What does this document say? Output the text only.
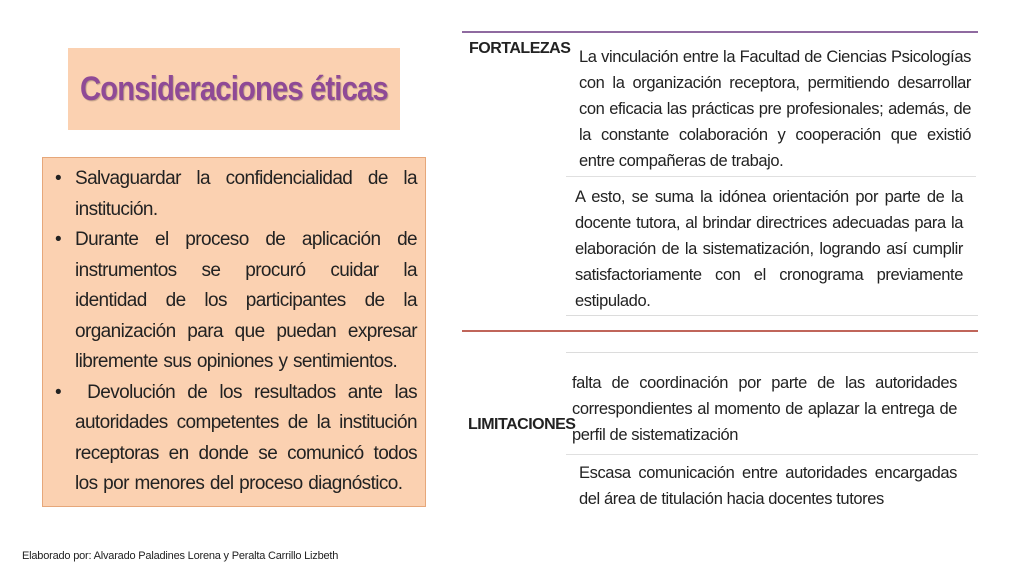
Consideraciones éticas
• Salvaguardar la confidencialidad de la institución.
• Durante el proceso de aplicación de instrumentos se procuró cuidar la identidad de los participantes de la organización para que puedan expresar libremente sus opiniones y sentimientos.
•  Devolución de los resultados ante las autoridades competentes de la institución receptoras en donde se comunicó todos los por menores del proceso diagnóstico.
FORTALEZAS La vinculación entre la Facultad de Ciencias Psicologías con la organización receptora, permitiendo desarrollar con eficacia las prácticas pre profesionales; además, de la constante colaboración y cooperación que existió entre compañeras de trabajo.
A esto, se suma la idónea orientación por parte de la docente tutora, al brindar directrices adecuadas para la elaboración de la sistematización, logrando así cumplir satisfactoriamente con el cronograma previamente estipulado.
LIMITACIONES
falta de coordinación por parte de las autoridades correspondientes al momento de aplazar la entrega de perfil de sistematización
Escasa comunicación entre autoridades encargadas del área de titulación hacia docentes tutores
Elaborado por: Alvarado Paladines Lorena y Peralta Carrillo Lizbeth
